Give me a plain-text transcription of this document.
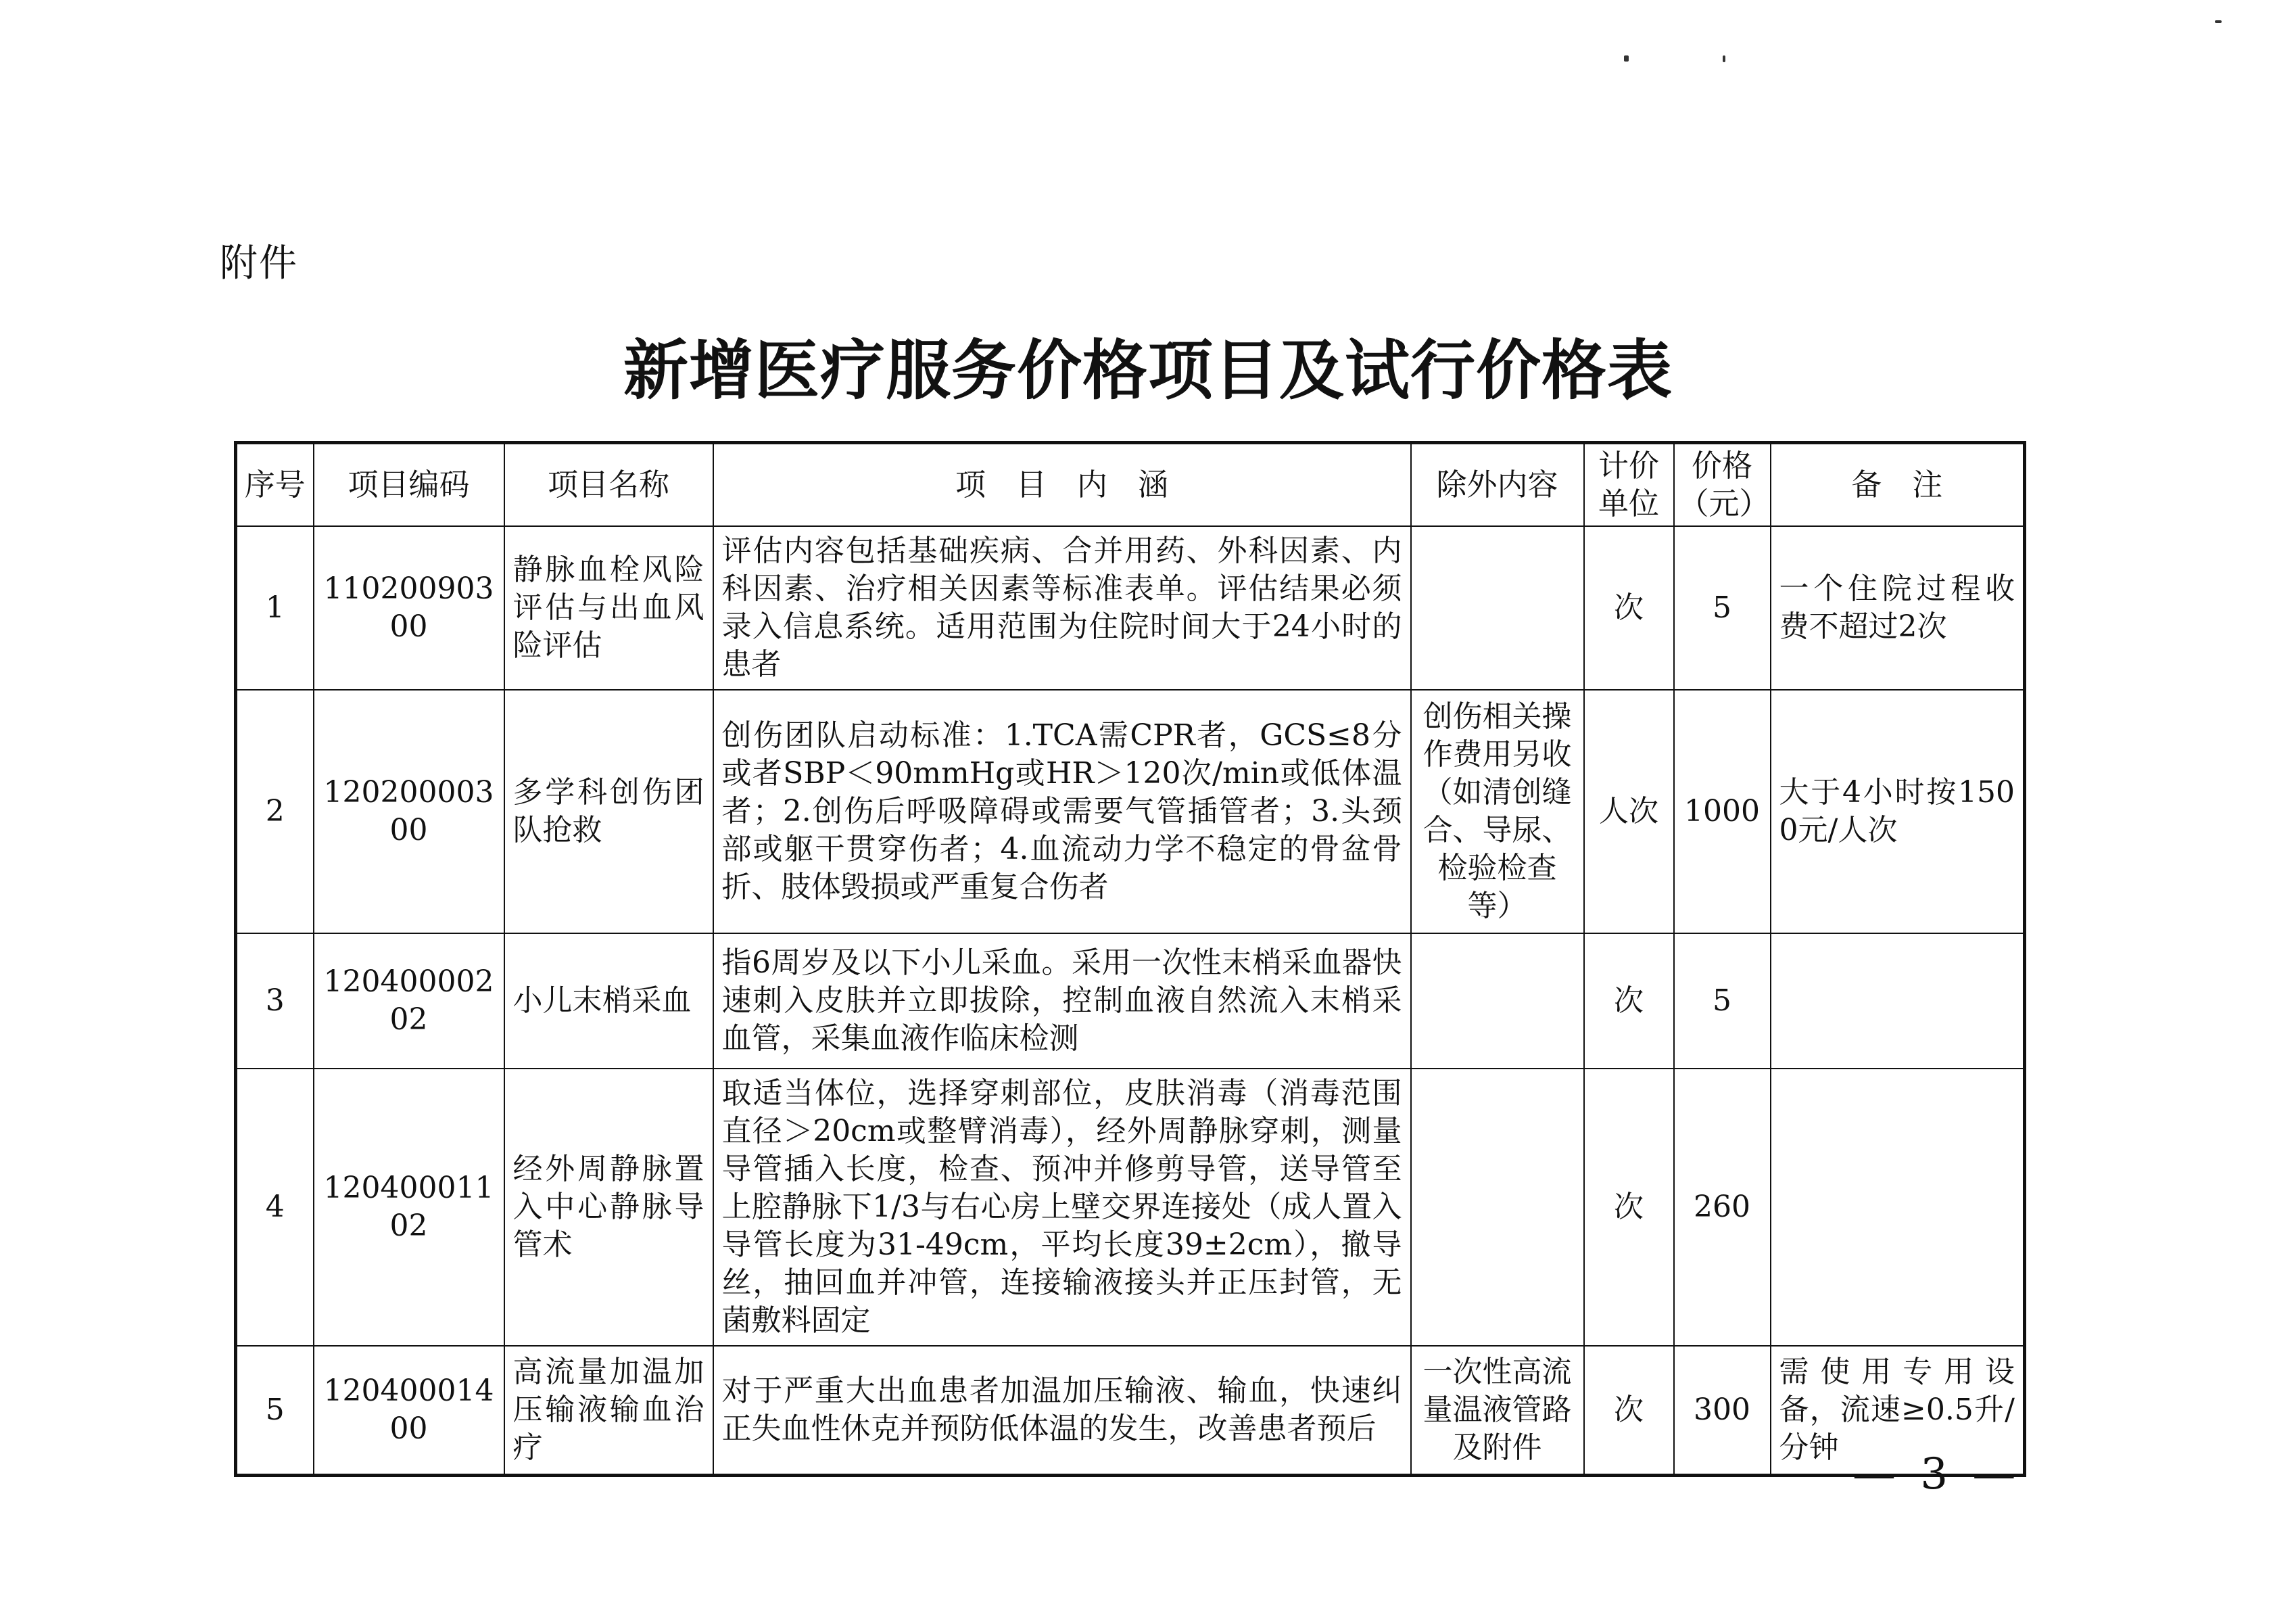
附件
新增医疗服务价格项目及试行价格表
序号	项目编码	项目名称	项　目　内　涵	除外内容	计价单位	价格（元）	备　注
1	11020090300	静脉血栓风险评估与出血风险评估	评估内容包括基础疾病、合并用药、外科因素、内科因素、治疗相关因素等标准表单。评估结果必须录入信息系统。适用范围为住院时间大于24小时的患者		次	5	一个住院过程收费不超过2次
2	12020000300	多学科创伤团队抢救	创伤团队启动标准：1.TCA需CPR者，GCS≤8分或者SBP＜90mmHg或HR＞120次/min或低体温者；2.创伤后呼吸障碍或需要气管插管者；3.头颈部或躯干贯穿伤者；4.血流动力学不稳定的骨盆骨折、肢体毁损或严重复合伤者	创伤相关操作费用另收（如清创缝合、导尿、检验检查等）	人次	1000	大于4小时按1500元/人次
3	12040000202	小儿末梢采血	指6周岁及以下小儿采血。采用一次性末梢采血器快速刺入皮肤并立即拔除，控制血液自然流入末梢采血管，采集血液作临床检测		次	5	
4	12040001102	经外周静脉置入中心静脉导管术	取适当体位，选择穿刺部位，皮肤消毒（消毒范围直径＞20cm或整臂消毒），经外周静脉穿刺，测量导管插入长度，检查、预冲并修剪导管，送导管至上腔静脉下1/3与右心房上壁交界连接处（成人置入导管长度为31-49cm，平均长度39±2cm），撤导丝，抽回血并冲管，连接输液接头并正压封管，无菌敷料固定		次	260	
5	12040001400	高流量加温加压输液输血治疗	对于严重大出血患者加温加压输液、输血，快速纠正失血性休克并预防低体温的发生，改善患者预后	一次性高流量温液管路及附件	次	300	需使用专用设备，流速≥0.5升/分钟
— 3 —
